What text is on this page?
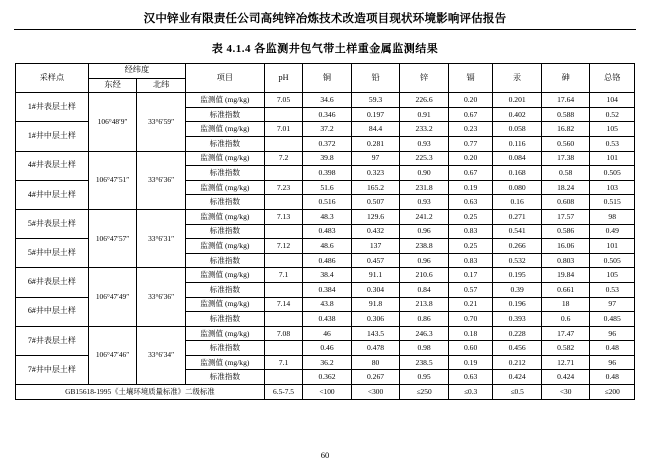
汉中锌业有限责任公司高纯锌冶炼技术改造项目现状环境影响评估报告
表 4.1.4 各监测井包气带土样重金属监测结果
采样点	经纬度		项目	pH	铜	铅	锌	镉	汞	砷	总铬
	东经	北纬									
1#井表层土样	106°48′9″	33°6′59″	监测值 (mg/kg)	7.05	34.6	59.3	226.6	0.20	0.201	17.64	104
			标准指数		0.346	0.197	0.91	0.67	0.402	0.588	0.52
1#井中层土样			监测值 (mg/kg)	7.01	37.2	84.4	233.2	0.23	0.058	16.82	105
			标准指数		0.372	0.281	0.93	0.77	0.116	0.560	0.53
4#井表层土样	106°47′51″	33°6′36″	监测值 (mg/kg)	7.2	39.8	97	225.3	0.20	0.084	17.38	101
			标准指数		0.398	0.323	0.90	0.67	0.168	0.58	0.505
4#井中层土样			监测值 (mg/kg)	7.23	51.6	165.2	231.8	0.19	0.080	18.24	103
			标准指数		0.516	0.507	0.93	0.63	0.16	0.608	0.515
5#井表层土样	106°47′57″	33°6′31″	监测值 (mg/kg)	7.13	48.3	129.6	241.2	0.25	0.271	17.57	98
			标准指数		0.483	0.432	0.96	0.83	0.541	0.586	0.49
5#井中层土样			监测值 (mg/kg)	7.12	48.6	137	238.8	0.25	0.266	16.06	101
			标准指数		0.486	0.457	0.96	0.83	0.532	0.803	0.505
6#井表层土样	106°47′49″	33°6′36″	监测值 (mg/kg)	7.1	38.4	91.1	210.6	0.17	0.195	19.84	105
			标准指数		0.384	0.304	0.84	0.57	0.39	0.661	0.53
6#井中层土样			监测值 (mg/kg)	7.14	43.8	91.8	213.8	0.21	0.196	18	97
			标准指数		0.438	0.306	0.86	0.70	0.393	0.6	0.485
7#井表层土样	106°47′46″	33°6′34″	监测值 (mg/kg)	7.08	46	143.5	246.3	0.18	0.228	17.47	96
			标准指数		0.46	0.478	0.98	0.60	0.456	0.582	0.48
7#井中层土样			监测值 (mg/kg)	7.1	36.2	80	238.5	0.19	0.212	12.71	96
			标准指数		0.362	0.267	0.95	0.63	0.424	0.424	0.48
GB15618-1995《土壤环境质量标准》二级标准				6.5-7.5	<100	<300	≤250	≤0.3	≤0.5	<30	≤200
60
